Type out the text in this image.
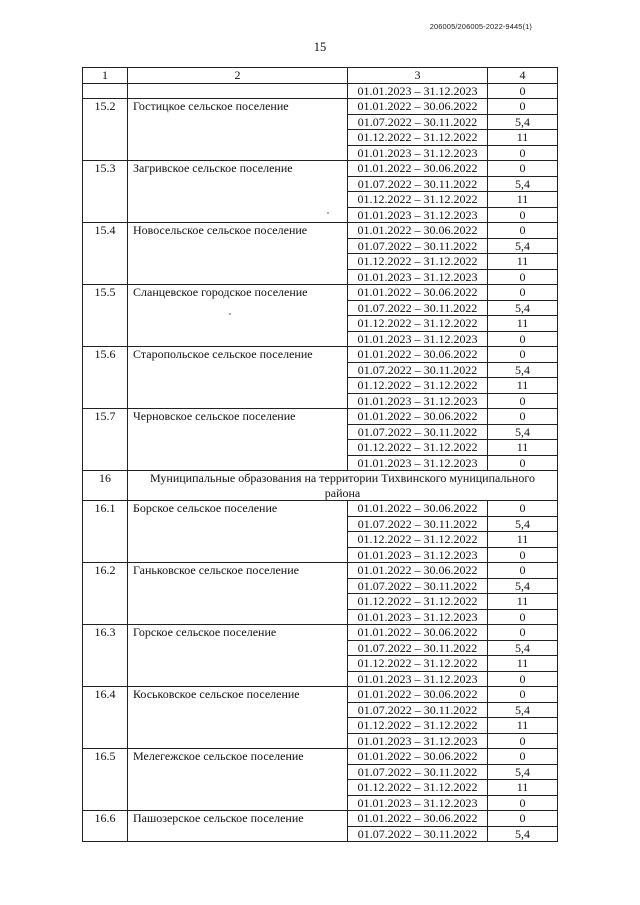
206005/206005-2022-9445(1)
15
1	2	3	4
		01.01.2023 – 31.12.2023	0
15.2	Гостицкое сельское поселение	01.01.2022 – 30.06.2022	0
		01.07.2022 – 30.11.2022	5,4
		01.12.2022 – 31.12.2022	11
		01.01.2023 – 31.12.2023	0
15.3	Загривское сельское поселение	01.01.2022 – 30.06.2022	0
		01.07.2022 – 30.11.2022	5,4
		01.12.2022 – 31.12.2022	11
		01.01.2023 – 31.12.2023	0
15.4	Новосельское сельское поселение	01.01.2022 – 30.06.2022	0
		01.07.2022 – 30.11.2022	5,4
		01.12.2022 – 31.12.2022	11
		01.01.2023 – 31.12.2023	0
15.5	Сланцевское городское поселение	01.01.2022 – 30.06.2022	0
		01.07.2022 – 30.11.2022	5,4
		01.12.2022 – 31.12.2022	11
		01.01.2023 – 31.12.2023	0
15.6	Старопольское сельское поселение	01.01.2022 – 30.06.2022	0
		01.07.2022 – 30.11.2022	5,4
		01.12.2022 – 31.12.2022	11
		01.01.2023 – 31.12.2023	0
15.7	Черновское сельское поселение	01.01.2022 – 30.06.2022	0
		01.07.2022 – 30.11.2022	5,4
		01.12.2022 – 31.12.2022	11
		01.01.2023 – 31.12.2023	0
16	Муниципальные образования на территории Тихвинского муниципального района		
16.1	Борское сельское поселение	01.01.2022 – 30.06.2022	0
		01.07.2022 – 30.11.2022	5,4
		01.12.2022 – 31.12.2022	11
		01.01.2023 – 31.12.2023	0
16.2	Ганьковское сельское поселение	01.01.2022 – 30.06.2022	0
		01.07.2022 – 30.11.2022	5,4
		01.12.2022 – 31.12.2022	11
		01.01.2023 – 31.12.2023	0
16.3	Горское сельское поселение	01.01.2022 – 30.06.2022	0
		01.07.2022 – 30.11.2022	5,4
		01.12.2022 – 31.12.2022	11
		01.01.2023 – 31.12.2023	0
16.4	Коськовское сельское поселение	01.01.2022 – 30.06.2022	0
		01.07.2022 – 30.11.2022	5,4
		01.12.2022 – 31.12.2022	11
		01.01.2023 – 31.12.2023	0
16.5	Мелегежское сельское поселение	01.01.2022 – 30.06.2022	0
		01.07.2022 – 30.11.2022	5,4
		01.12.2022 – 31.12.2022	11
		01.01.2023 – 31.12.2023	0
16.6	Пашозерское сельское поселение	01.01.2022 – 30.06.2022	0
		01.07.2022 – 30.11.2022	5,4
